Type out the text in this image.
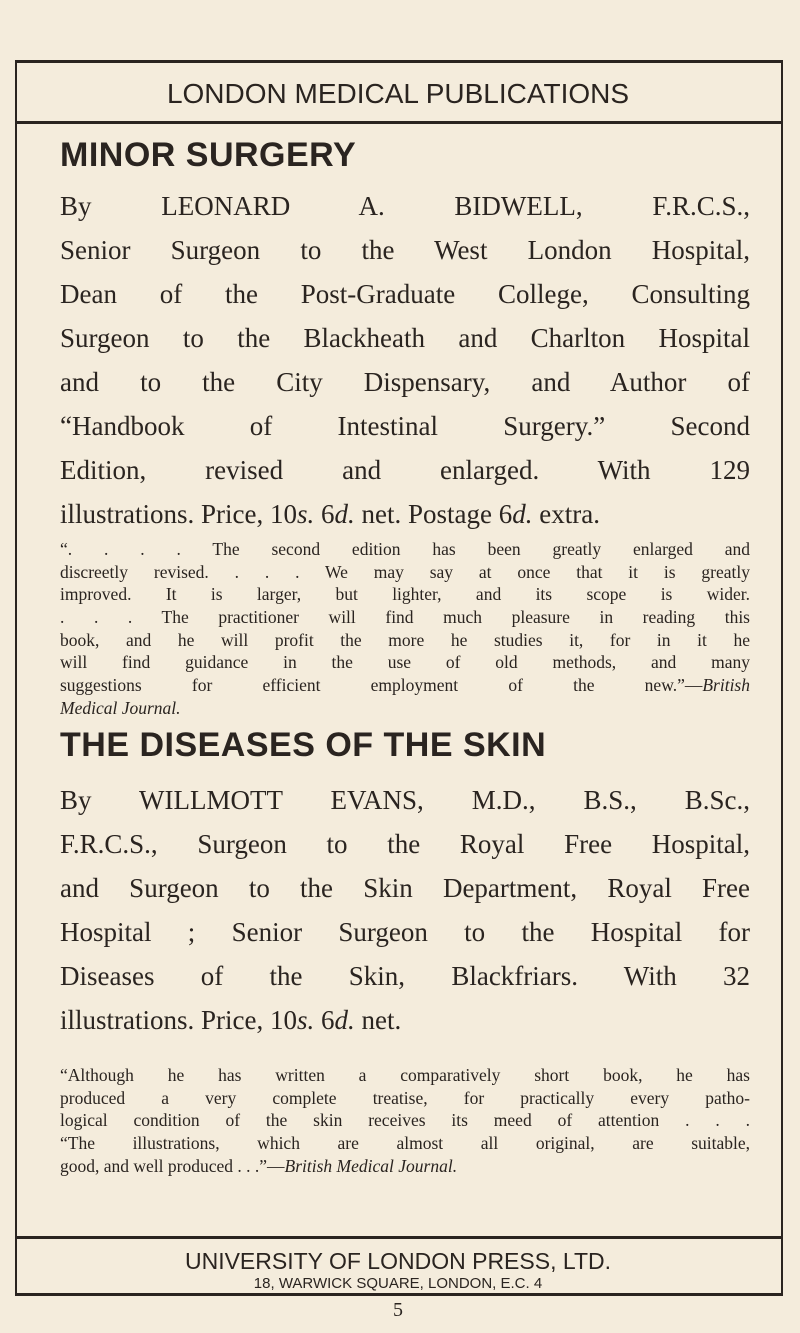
LONDON MEDICAL PUBLICATIONS
MINOR SURGERY
By LEONARD A. BIDWELL, F.R.C.S.,
Senior Surgeon to the West London Hospital,
Dean of the Post-Graduate College, Consulting
Surgeon to the Blackheath and Charlton Hospital
and to the City Dispensary, and Author of
“Handbook of Intestinal Surgery.” Second
Edition, revised and enlarged. With 129
illustrations. Price, 10s. 6d. net. Postage 6d. extra.
“. . . . The second edition has been greatly enlarged and
discreetly revised. . . . We may say at once that it is greatly
improved. It is larger, but lighter, and its scope is wider.
. . . The practitioner will find much pleasure in reading this
book, and he will profit the more he studies it, for in it he
will find guidance in the use of old methods, and many
suggestions for efficient employment of the new.”—British
Medical Journal.
THE DISEASES OF THE SKIN
By WILLMOTT EVANS, M.D., B.S., B.Sc.,
F.R.C.S., Surgeon to the Royal Free Hospital,
and Surgeon to the Skin Department, Royal Free
Hospital ; Senior Surgeon to the Hospital for
Diseases of the Skin, Blackfriars. With 32
illustrations. Price, 10s. 6d. net.
“Although he has written a comparatively short book, he has
produced a very complete treatise, for practically every patho-
logical condition of the skin receives its meed of attention . . .
“The illustrations, which are almost all original, are suitable,
good, and well produced . . .”—British Medical Journal.
UNIVERSITY OF LONDON PRESS, LTD.
18, WARWICK SQUARE, LONDON, E.C. 4
5
